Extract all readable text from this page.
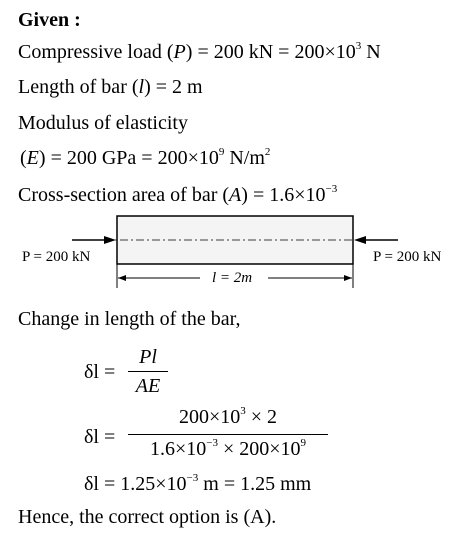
Given :
Compressive load (P) = 200 kN = $200\times 10^3$ N
Length of bar (l) = 2 m
Modulus of elasticity
(E) = 200 GPa = $200\times 10^9$ $N/m^2$
Cross-section area of bar $(A) = 1.6\times 10^{-3}$
P = 200 kN	P = 200 kN
l = 2m
Change in length of the bar,
δl =
Pl
AE
δl =
$200\times 10^3 \times 2$
$1.6\times 10^{-3} \times 200\times 10^9$
$\delta l = 1.25\times 10^{-3}$ m = 1.25 mm
Hence, the correct option is (A).
